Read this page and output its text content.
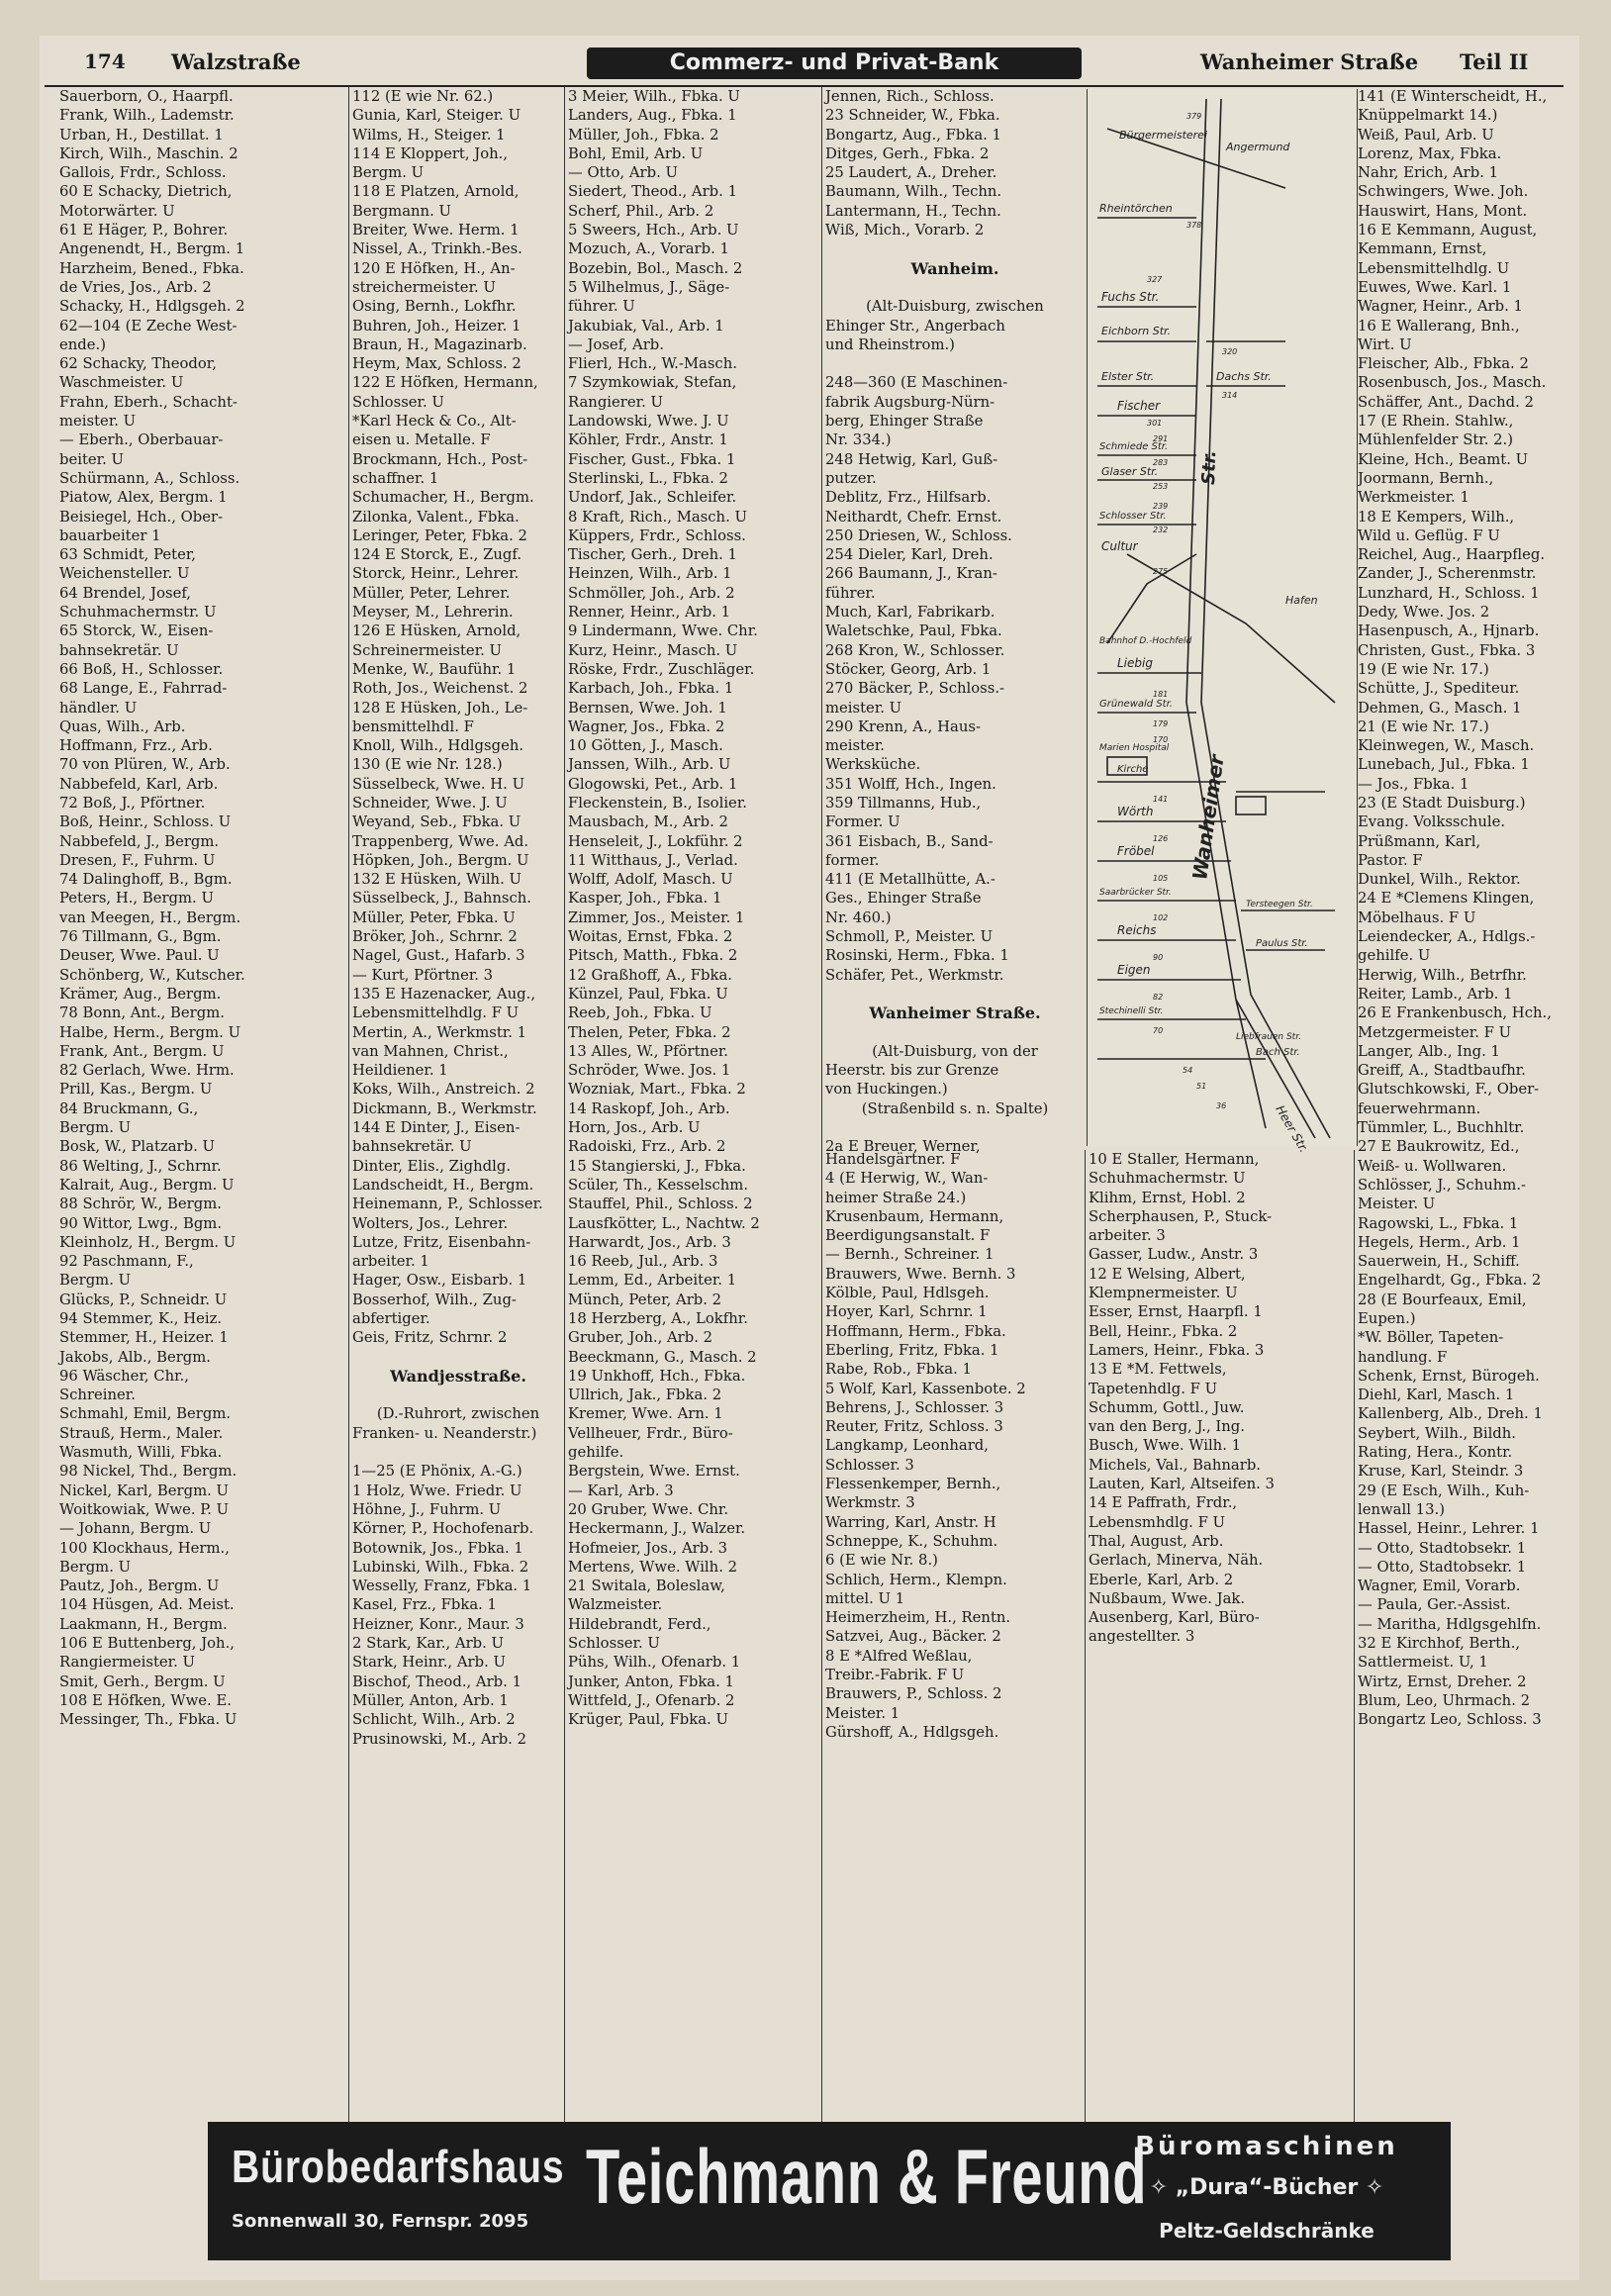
174 Walzstraße	Commerz- und Privat-Bank	Wanheimer Straße Teil II
Sauerborn, O., Haarpfl.
Frank, Wilh., Lademstr.
Urban, H., Destillat. 1
Kirch, Wilh., Maschin. 2
Gallois, Frdr., Schloss.
60 E Schacky, Dietrich,
Motorwärter. U
61 E Häger, P., Bohrer.
Angenendt, H., Bergm. 1
Harzheim, Bened., Fbka.
de Vries, Jos., Arb. 2
Schacky, H., Hdlgsgeh. 2
62—104 (E Zeche West-
ende.)
62 Schacky, Theodor,
Waschmeister. U
Frahn, Eberh., Schacht-
meister. U
— Eberh., Oberbauar-
beiter. U
Schürmann, A., Schloss.
Piatow, Alex, Bergm. 1
Beisiegel, Hch., Ober-
bauarbeiter 1
63 Schmidt, Peter,
Weichensteller. U
64 Brendel, Josef,
Schuhmachermstr. U
65 Storck, W., Eisen-
bahnsekretär. U
66 Boß, H., Schlosser.
68 Lange, E., Fahrrad-
händler. U
Quas, Wilh., Arb.
Hoffmann, Frz., Arb.
70 von Plüren, W., Arb.
Nabbefeld, Karl, Arb.
72 Boß, J., Pförtner.
Boß, Heinr., Schloss. U
Nabbefeld, J., Bergm.
Dresen, F., Fuhrm. U
74 Dalinghoff, B., Bgm.
Peters, H., Bergm. U
van Meegen, H., Bergm.
76 Tillmann, G., Bgm.
Deuser, Wwe. Paul. U
Schönberg, W., Kutscher.
Krämer, Aug., Bergm.
78 Bonn, Ant., Bergm.
Halbe, Herm., Bergm. U
Frank, Ant., Bergm. U
82 Gerlach, Wwe. Hrm.
Prill, Kas., Bergm. U
84 Bruckmann, G.,
Bergm. U
Bosk, W., Platzarb. U
86 Welting, J., Schrnr.
Kalrait, Aug., Bergm. U
88 Schrör, W., Bergm.
90 Wittor, Lwg., Bgm.
Kleinholz, H., Bergm. U
92 Paschmann, F.,
Bergm. U
Glücks, P., Schneidr. U
94 Stemmer, K., Heiz.
Stemmer, H., Heizer. 1
Jakobs, Alb., Bergm.
96 Wäscher, Chr.,
Schreiner.
Schmahl, Emil, Bergm.
Strauß, Herm., Maler.
Wasmuth, Willi, Fbka.
98 Nickel, Thd., Bergm.
Nickel, Karl, Bergm. U
Woitkowiak, Wwe. P. U
— Johann, Bergm. U
100 Klockhaus, Herm.,
Bergm. U
Pautz, Joh., Bergm. U
104 Hüsgen, Ad. Meist.
Laakmann, H., Bergm.
106 E Buttenberg, Joh.,
Rangiermeister. U
Smit, Gerh., Bergm. U
108 E Höfken, Wwe. E.
Messinger, Th., Fbka. U
112 (E wie Nr. 62.)
Gunia, Karl, Steiger. U
Wilms, H., Steiger. 1
114 E Kloppert, Joh.,
Bergm. U
118 E Platzen, Arnold,
Bergmann. U
Breiter, Wwe. Herm. 1
Nissel, A., Trinkh.-Bes.
120 E Höfken, H., An-
streichermeister. U
Osing, Bernh., Lokfhr.
Buhren, Joh., Heizer. 1
Braun, H., Magazinarb.
Heym, Max, Schloss. 2
122 E Höfken, Hermann,
Schlosser. U
*Karl Heck & Co., Alt-
eisen u. Metalle. F
Brockmann, Hch., Post-
schaffner. 1
Schumacher, H., Bergm.
Zilonka, Valent., Fbka.
Leringer, Peter, Fbka. 2
124 E Storck, E., Zugf.
Storck, Heinr., Lehrer.
Müller, Peter, Lehrer.
Meyser, M., Lehrerin.
126 E Hüsken, Arnold,
Schreinermeister. U
Menke, W., Bauführ. 1
Roth, Jos., Weichenst. 2
128 E Hüsken, Joh., Le-
bensmittelhdl. F
Knoll, Wilh., Hdlgsgeh.
130 (E wie Nr. 128.)
Süsselbeck, Wwe. H. U
Schneider, Wwe. J. U
Weyand, Seb., Fbka. U
Trappenberg, Wwe. Ad.
Höpken, Joh., Bergm. U
132 E Hüsken, Wilh. U
Süsselbeck, J., Bahnsch.
Müller, Peter, Fbka. U
Bröker, Joh., Schrnr. 2
Nagel, Gust., Hafarb. 3
— Kurt, Pförtner. 3
135 E Hazenacker, Aug.,
Lebensmittelhdlg. F U
Mertin, A., Werkmstr. 1
van Mahnen, Christ.,
Heildiener. 1
Koks, Wilh., Anstreich. 2
Dickmann, B., Werkmstr.
144 E Dinter, J., Eisen-
bahnsekretär. U
Dinter, Elis., Zighdlg.
Landscheidt, H., Bergm.
Heinemann, P., Schlosser.
Wolters, Jos., Lehrer.
Lutze, Fritz, Eisenbahn-
arbeiter. 1
Hager, Osw., Eisbarb. 1
Bosserhof, Wilh., Zug-
abfertiger.
Geis, Fritz, Schrnr. 2
Wandjesstraße.
(D.-Ruhrort, zwischen
Franken- u. Neanderstr.)
1—25 (E Phönix, A.-G.)
1 Holz, Wwe. Friedr. U
Höhne, J., Fuhrm. U
Körner, P., Hochofenarb.
Botownik, Jos., Fbka. 1
Lubinski, Wilh., Fbka. 2
Wesselly, Franz, Fbka. 1
Kasel, Frz., Fbka. 1
Heizner, Konr., Maur. 3
2 Stark, Kar., Arb. U
Stark, Heinr., Arb. U
Bischof, Theod., Arb. 1
Müller, Anton, Arb. 1
Schlicht, Wilh., Arb. 2
Prusinowski, M., Arb. 2
3 Meier, Wilh., Fbka. U
Landers, Aug., Fbka. 1
Müller, Joh., Fbka. 2
Bohl, Emil, Arb. U
— Otto, Arb. U
Siedert, Theod., Arb. 1
Scherf, Phil., Arb. 2
5 Sweers, Hch., Arb. U
Mozuch, A., Vorarb. 1
Bozebin, Bol., Masch. 2
5 Wilhelmus, J., Säge-
führer. U
Jakubiak, Val., Arb. 1
— Josef, Arb.
Flierl, Hch., W.-Masch.
7 Szymkowiak, Stefan,
Rangierer. U
Landowski, Wwe. J. U
Köhler, Frdr., Anstr. 1
Fischer, Gust., Fbka. 1
Sterlinski, L., Fbka. 2
Undorf, Jak., Schleifer.
8 Kraft, Rich., Masch. U
Küppers, Frdr., Schloss.
Tischer, Gerh., Dreh. 1
Heinzen, Wilh., Arb. 1
Schmöller, Joh., Arb. 2
Renner, Heinr., Arb. 1
9 Lindermann, Wwe. Chr.
Kurz, Heinr., Masch. U
Röske, Frdr., Zuschläger.
Karbach, Joh., Fbka. 1
Bernsen, Wwe. Joh. 1
Wagner, Jos., Fbka. 2
10 Götten, J., Masch.
Janssen, Wilh., Arb. U
Glogowski, Pet., Arb. 1
Fleckenstein, B., Isolier.
Mausbach, M., Arb. 2
Henseleit, J., Lokführ. 2
11 Witthaus, J., Verlad.
Wolff, Adolf, Masch. U
Kasper, Joh., Fbka. 1
Zimmer, Jos., Meister. 1
Woitas, Ernst, Fbka. 2
Pitsch, Matth., Fbka. 2
12 Graßhoff, A., Fbka.
Künzel, Paul, Fbka. U
Reeb, Joh., Fbka. U
Thelen, Peter, Fbka. 2
13 Alles, W., Pförtner.
Schröder, Wwe. Jos. 1
Wozniak, Mart., Fbka. 2
14 Raskopf, Joh., Arb.
Horn, Jos., Arb. U
Radoiski, Frz., Arb. 2
15 Stangierski, J., Fbka.
Scüler, Th., Kesselschm.
Stauffel, Phil., Schloss. 2
Lausfkötter, L., Nachtw. 2
Harwardt, Jos., Arb. 3
16 Reeb, Jul., Arb. 3
Lemm, Ed., Arbeiter. 1
Münch, Peter, Arb. 2
18 Herzberg, A., Lokfhr.
Gruber, Joh., Arb. 2
Beeckmann, G., Masch. 2
19 Unkhoff, Hch., Fbka.
Ullrich, Jak., Fbka. 2
Kremer, Wwe. Arn. 1
Vellheuer, Frdr., Büro-
gehilfe.
Bergstein, Wwe. Ernst.
— Karl, Arb. 3
20 Gruber, Wwe. Chr.
Heckermann, J., Walzer.
Hofmeier, Jos., Arb. 3
Mertens, Wwe. Wilh. 2
21 Switala, Boleslaw,
Walzmeister.
Hildebrandt, Ferd.,
Schlosser. U
Pühs, Wilh., Ofenarb. 1
Junker, Anton, Fbka. 1
Wittfeld, J., Ofenarb. 2
Krüger, Paul, Fbka. U
Jennen, Rich., Schloss.
23 Schneider, W., Fbka.
Bongartz, Aug., Fbka. 1
Ditges, Gerh., Fbka. 2
25 Laudert, A., Dreher.
Baumann, Wilh., Techn.
Lantermann, H., Techn.
Wiß, Mich., Vorarb. 2
Wanheim.
(Alt-Duisburg, zwischen
Ehinger Str., Angerbach
und Rheinstrom.)
248—360 (E Maschinen-
fabrik Augsburg-Nürn-
berg, Ehinger Straße
Nr. 334.)
248 Hetwig, Karl, Guß-
putzer.
Deblitz, Frz., Hilfsarb.
Neithardt, Chefr. Ernst.
250 Driesen, W., Schloss.
254 Dieler, Karl, Dreh.
266 Baumann, J., Kran-
führer.
Much, Karl, Fabrikarb.
Waletschke, Paul, Fbka.
268 Kron, W., Schlosser.
Stöcker, Georg, Arb. 1
270 Bäcker, P., Schloss.-
meister. U
290 Krenn, A., Haus-
meister.
Werksküche.
351 Wolff, Hch., Ingen.
359 Tillmanns, Hub.,
Former. U
361 Eisbach, B., Sand-
former.
411 (E Metallhütte, A.-
Ges., Ehinger Straße
Nr. 460.)
Schmoll, P., Meister. U
Rosinski, Herm., Fbka. 1
Schäfer, Pet., Werkmstr.
Wanheimer Straße.
(Alt-Duisburg, von der
Heerstr. bis zur Grenze
von Huckingen.)
(Straßenbild s. n. Spalte)
2a E Breuer, Werner,
Handelsgärtner. F
4 (E Herwig, W., Wan-
heimer Straße 24.)
Krusenbaum, Hermann,
Beerdigungsanstalt. F
— Bernh., Schreiner. 1
Brauwers, Wwe. Bernh. 3
Kölble, Paul, Hdlsgeh.
Hoyer, Karl, Schrnr. 1
Hoffmann, Herm., Fbka.
Eberling, Fritz, Fbka. 1
Rabe, Rob., Fbka. 1
5 Wolf, Karl, Kassenbote. 2
Behrens, J., Schlosser. 3
Reuter, Fritz, Schloss. 3
Langkamp, Leonhard,
Schlosser. 3
Flessenkemper, Bernh.,
Werkmstr. 3
Warring, Karl, Anstr. H
Schneppe, K., Schuhm.
6 (E wie Nr. 8.)
Schlich, Herm., Klempn.
mittel. U 1
Heimerzheim, H., Rentn.
Satzvei, Aug., Bäcker. 2
8 E *Alfred Weßlau,
Treibr.-Fabrik. F U
Brauwers, P., Schloss. 2
Meister. 1
Gürshoff, A., Hdlgsgeh.
10 E Staller, Hermann,
Schuhmachermstr. U
Klihm, Ernst, Hobl. 2
Scherphausen, P., Stuck-
arbeiter. 3
Gasser, Ludw., Anstr. 3
12 E Welsing, Albert,
Klempnermeister. U
Esser, Ernst, Haarpfl. 1
Bell, Heinr., Fbka. 2
Lamers, Heinr., Fbka. 3
13 E *M. Fettwels,
Tapetenhdlg. F U
Schumm, Gottl., Juw.
van den Berg, J., Ing.
Busch, Wwe. Wilh. 1
Michels, Val., Bahnarb.
Lauten, Karl, Altseifen. 3
14 E Paffrath, Frdr.,
Lebensmhdlg. F U
Thal, August, Arb.
Gerlach, Minerva, Näh.
Eberle, Karl, Arb. 2
Nußbaum, Wwe. Jak.
Ausenberg, Karl, Büro-
angestellter. 3
141 (E Winterscheidt, H.,
Knüppelmarkt 14.)
Weiß, Paul, Arb. U
Lorenz, Max, Fbka.
Nahr, Erich, Arb. 1
Schwingers, Wwe. Joh.
Hauswirt, Hans, Mont.
16 E Kemmann, August,
Kemmann, Ernst,
Lebensmittelhdlg. U
Euwes, Wwe. Karl. 1
Wagner, Heinr., Arb. 1
16 E Wallerang, Bnh.,
Wirt. U
Fleischer, Alb., Fbka. 2
Rosenbusch, Jos., Masch.
Schäffer, Ant., Dachd. 2
17 (E Rhein. Stahlw.,
Mühlenfelder Str. 2.)
Kleine, Hch., Beamt. U
Joormann, Bernh.,
Werkmeister. 1
18 E Kempers, Wilh.,
Wild u. Geflüg. F U
Reichel, Aug., Haarpfleg.
Zander, J., Scherenmstr.
Lunzhard, H., Schloss. 1
Dedy, Wwe. Jos. 2
Hasenpusch, A., Hjnarb.
Christen, Gust., Fbka. 3
19 (E wie Nr. 17.)
Schütte, J., Spediteur.
Dehmen, G., Masch. 1
21 (E wie Nr. 17.)
Kleinwegen, W., Masch.
Lunebach, Jul., Fbka. 1
— Jos., Fbka. 1
23 (E Stadt Duisburg.)
Evang. Volksschule.
Prüßmann, Karl,
Pastor. F
Dunkel, Wilh., Rektor.
24 E *Clemens Klingen,
Möbelhaus. F U
Leiendecker, A., Hdlgs.-
gehilfe. U
Herwig, Wilh., Betrfhr.
Reiter, Lamb., Arb. 1
26 E Frankenbusch, Hch.,
Metzgermeister. F U
Langer, Alb., Ing. 1
Greiff, A., Stadtbaufhr.
Glutschkowski, F., Ober-
feuerwehrmann.
Tümmler, L., Buchhltr.
27 E Baukrowitz, Ed.,
Weiß- u. Wollwaren.
Schlösser, J., Schuhm.-
Meister. U
Ragowski, L., Fbka. 1
Hegels, Herm., Arb. 1
Sauerwein, H., Schiff.
Engelhardt, Gg., Fbka. 2
28 (E Bourfeaux, Emil,
Eupen.)
*W. Böller, Tapeten-
handlung. F
Schenk, Ernst, Bürogeh.
Diehl, Karl, Masch. 1
Kallenberg, Alb., Dreh. 1
Seybert, Wilh., Bildh.
Rating, Hera., Kontr.
Kruse, Karl, Steindr. 3
29 (E Esch, Wilh., Kuh-
lenwall 13.)
Hassel, Heinr., Lehrer. 1
— Otto, Stadtobsekr. 1
— Otto, Stadtobsekr. 1
Wagner, Emil, Vorarb.
— Paula, Ger.-Assist.
— Maritha, Hdlgsgehlfn.
32 E Kirchhof, Berth.,
Sattlermeist. U, 1
Wirtz, Ernst, Dreher. 2
Blum, Leo, Uhrmach. 2
Bongartz Leo, Schloss. 3
Bürgermeisterei
Angermund
Rheintörchen
Fuchs Str.
Eichborn Str.
Elster Str.	Dachs Str.
Fischer
Schmiede Str.
Glaser Str.
Schlosser Str.
Cultur
Hafen
Bahnhof D.-Hochfeld
Liebig
Grünewald Str.
Marien Hospital
Kirche
Wörth
Fröbel
Saarbrücker Str.
Tersteegen Str.
Paulus Str.
Reichs
Eigen
Stechinelli Str.
Liebfrauen Str.
Bach Str.
Heer Str.
Wanheimer
Str.
379
378
327
320
314
301
291
283
253
239
232
275
181
179
170
141
126
105
102
90
82
70
54
51
36
Bürobedarfshaus
Sonnenwall 30, Fernspr. 2095
Teichmann & Freund
Büromaschinen
✧ „Dura“-Bücher ✧
Peltz-Geldschränke
